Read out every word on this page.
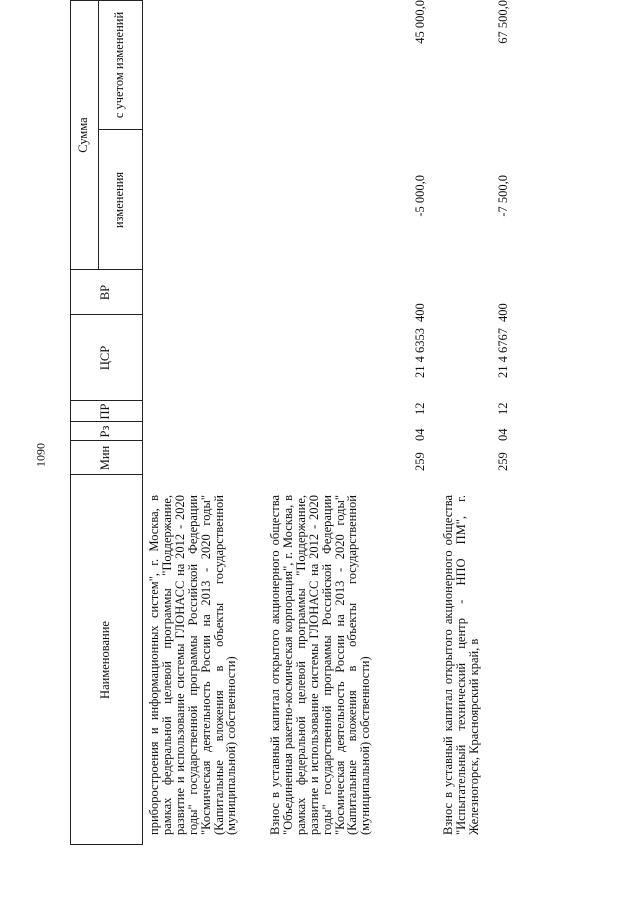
1090
Наименование
Мин
Рз
ПР
ЦСР
ВР
Сумма
изменения
с учетом изменений
приборостроения и информационных систем", г. Москва, в рамках федеральной целевой программы "Поддержание, развитие и использование системы ГЛОНАСС на 2012 - 2020 годы" государственной программы Российской Федерации "Космическая деятельность России на 2013 - 2020 годы" (Капитальные вложения в объекты государственной (муниципальной) собственности) Взнос в уставный капитал открытого акционерного общества "Объединенная ракетно-космическая корпорация", г. Москва, в рамках федеральной целевой программы "Поддержание, развитие и использование системы ГЛОНАСС на 2012 - 2020 годы" государственной программы Российской Федерации "Космическая деятельность России на 2013 - 2020 годы" (Капитальные вложения в объекты государственной (муниципальной) собственности)
259
04
12
21 4 6353
400
-5 000,0
45 000,0
Взнос в уставный капитал открытого акционерного общества "Испытательный технический центр - НПО ПМ", г. Железногорск, Красноярский край, в
259
04
12
21 4 6767
400
-7 500,0
67 500,0
